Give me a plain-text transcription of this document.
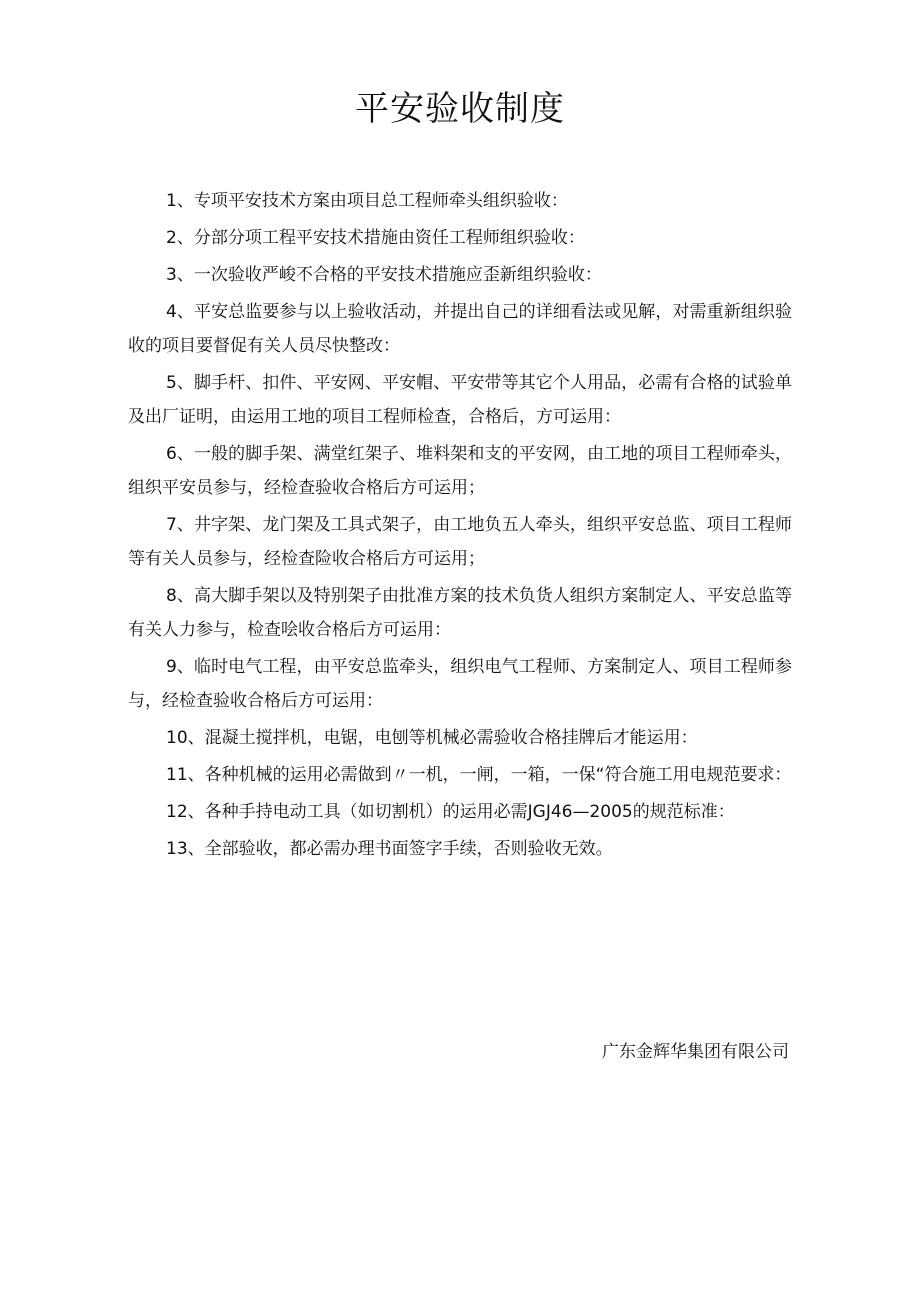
平安验收制度

1、专项平安技术方案由项目总工程师牵头组织验收：

2、分部分项工程平安技术措施由资任工程师组织验收：

3、一次验收严峻不合格的平安技术措施应歪新组织验收：

4、平安总监要参与以上验收活动，并提出自己的详细看法或见解，对需重新组织验收的项目要督促有关人员尽快整改：

5、脚手杆、扣件、平安网、平安帽、平安带等其它个人用品，必需有合格的试验单及出厂证明，由运用工地的项目工程师检查，合格后，方可运用：

6、一般的脚手架、满堂红架子、堆料架和支的平安网，由工地的项目工程师牵头，组织平安员参与，经检查验收合格后方可运用；

7、井字架、龙门架及工具式架子，由工地负五人牵头，组织平安总监、项目工程师等有关人员参与，经检查险收合格后方可运用；

8、高大脚手架以及特别架子由批准方案的技术负货人组织方案制定人、平安总监等有关人力参与，检查哙收合格后方可运用：

9、临时电气工程，由平安总监牵头，组织电气工程师、方案制定人、项目工程师参与，经检查验收合格后方可运用：

10、混凝土搅拌机，电锯，电刨等机械必需验收合格挂牌后才能运用：

11、各种机械的运用必需做到〃一机，一闸，一箱，一保“符合施工用电规范要求：

12、各种手持电动工具（如切割机）的运用必需JGJ46—2005的规范标准：

13、全部验收，都必需办理书面签字手续，否则验收无效。

广东金辉华集团有限公司
